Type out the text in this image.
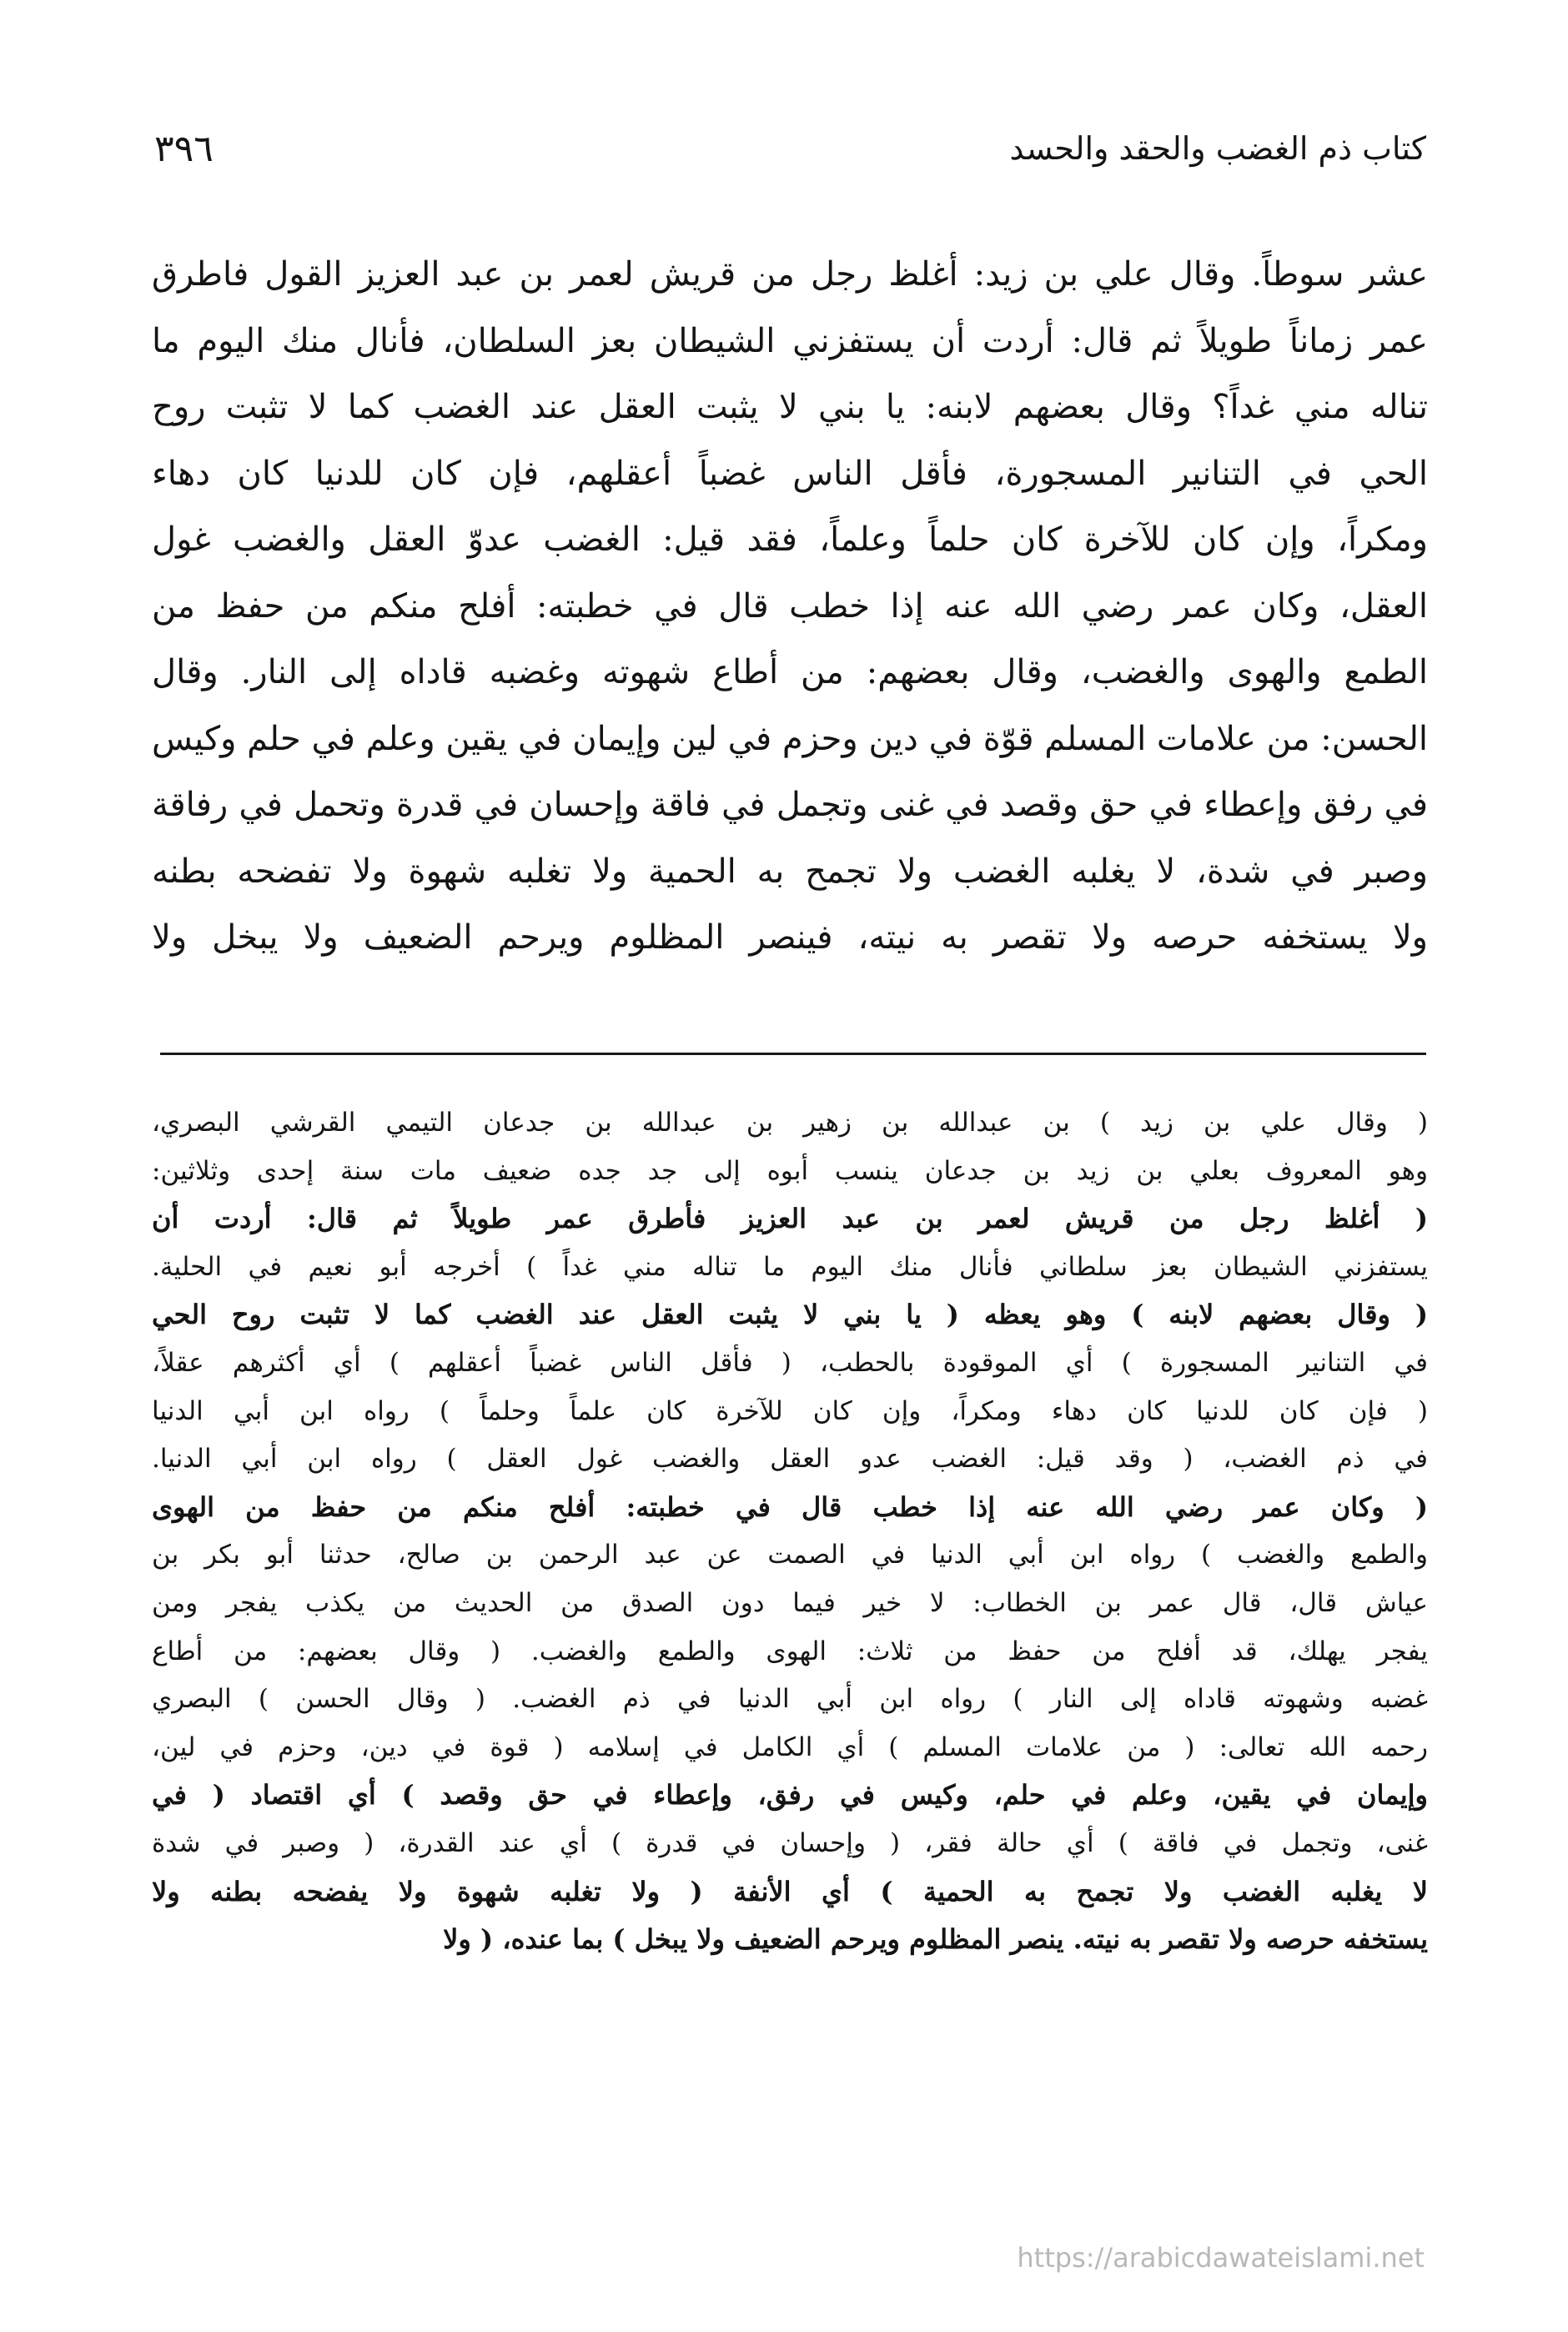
٣٩٦	كتاب ذم الغضب والحقد والحسد
عشر سوطاً. وقال علي بن زيد: أغلظ رجل من قريش لعمر بن عبد العزيز القول فاطرق
عمر زماناً طويلاً ثم قال: أردت أن يستفزني الشيطان بعز السلطان، فأنال منك اليوم ما
تناله مني غداً؟ وقال بعضهم لابنه: يا بني لا يثبت العقل عند الغضب كما لا تثبت روح
الحي في التنانير المسجورة، فأقل الناس غضباً أعقلهم، فإن كان للدنيا كان دهاء
ومكراً، وإن كان للآخرة كان حلماً وعلماً، فقد قيل: الغضب عدوّ العقل والغضب غول
العقل، وكان عمر رضي الله عنه إذا خطب قال في خطبته: أفلح منكم من حفظ من
الطمع والهوى والغضب، وقال بعضهم: من أطاع شهوته وغضبه قاداه إلى النار. وقال
الحسن: من علامات المسلم قوّة في دين وحزم في لين وإيمان في يقين وعلم في حلم وكيس
في رفق وإعطاء في حق وقصد في غنى وتجمل في فاقة وإحسان في قدرة وتحمل في رفاقة
وصبر في شدة، لا يغلبه الغضب ولا تجمح به الحمية ولا تغلبه شهوة ولا تفضحه بطنه
ولا يستخفه حرصه ولا تقصر به نيته، فينصر المظلوم ويرحم الضعيف ولا يبخل ولا
( وقال علي بن زيد ) بن عبدالله بن زهير بن عبدالله بن جدعان التيمي القرشي البصري،
وهو المعروف بعلي بن زيد بن جدعان ينسب أبوه إلى جد جده ضعيف مات سنة إحدى وثلاثين:
( أغلظ رجل من قريش لعمر بن عبد العزيز فأطرق عمر طويلاً ثم قال: أردت أن
يستفزني الشيطان بعز سلطاني فأنال منك اليوم ما تناله مني غداً ) أخرجه أبو نعيم في الحلية.
( وقال بعضهم لابنه ) وهو يعظه ( يا بني لا يثبت العقل عند الغضب كما لا تثبت روح الحي
في التنانير المسجورة ) أي الموقودة بالحطب، ( فأقل الناس غضباً أعقلهم ) أي أكثرهم عقلاً،
( فإن كان للدنيا كان دهاء ومكراً، وإن كان للآخرة كان علماً وحلماً ) رواه ابن أبي الدنيا
في ذم الغضب، ( وقد قيل: الغضب عدو العقل والغضب غول العقل ) رواه ابن أبي الدنيا.
( وكان عمر رضي الله عنه إذا خطب قال في خطبته: أفلح منكم من حفظ من الهوى
والطمع والغضب ) رواه ابن أبي الدنيا في الصمت عن عبد الرحمن بن صالح، حدثنا أبو بكر بن
عياش قال، قال عمر بن الخطاب: لا خير فيما دون الصدق من الحديث من يكذب يفجر ومن
يفجر يهلك، قد أفلح من حفظ من ثلاث: الهوى والطمع والغضب. ( وقال بعضهم: من أطاع
غضبه وشهوته قاداه إلى النار ) رواه ابن أبي الدنيا في ذم الغضب. ( وقال الحسن ) البصري
رحمه الله تعالى: ( من علامات المسلم ) أي الكامل في إسلامه ( قوة في دين، وحزم في لين،
وإيمان في يقين، وعلم في حلم، وكيس في رفق، وإعطاء في حق وقصد ) أي اقتصاد ( في
غنى، وتجمل في فاقة ) أي حالة فقر، ( وإحسان في قدرة ) أي عند القدرة، ( وصبر في شدة
لا يغلبه الغضب ولا تجمح به الحمية ) أي الأنفة ( ولا تغلبه شهوة ولا يفضحه بطنه ولا
يستخفه حرصه ولا تقصر به نيته. ينصر المظلوم ويرحم الضعيف ولا يبخل ) بما عنده، ( ولا
https://arabicdawateislami.net
